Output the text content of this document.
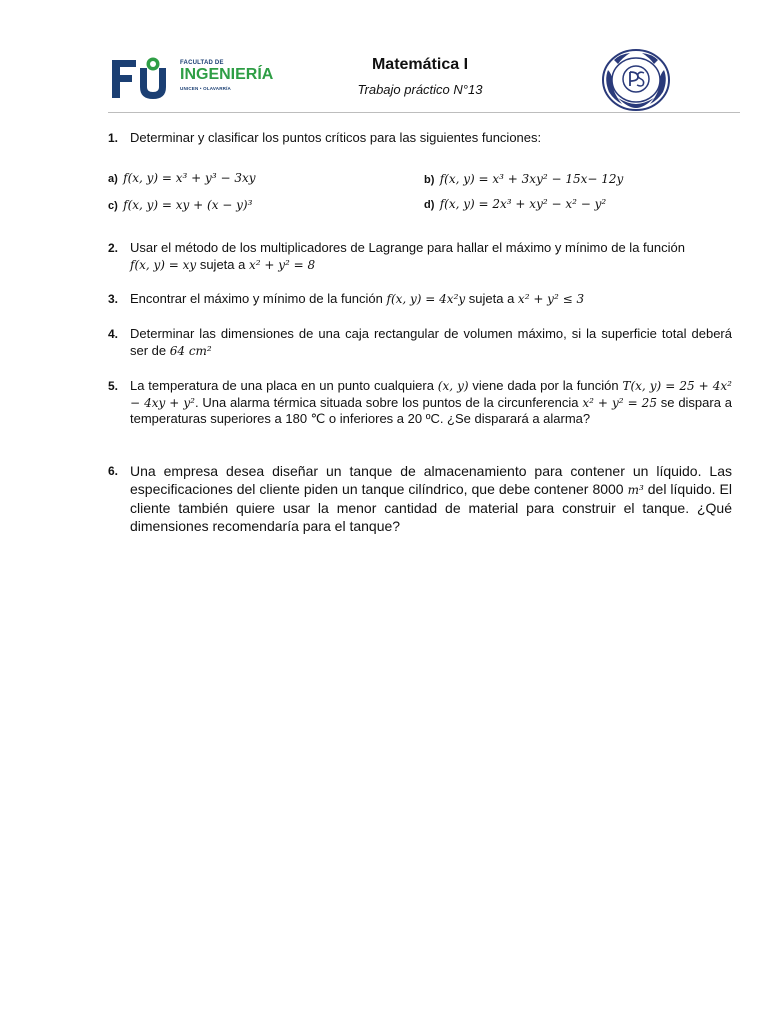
FACULTAD DE
INGENIERÍA
UNICEN • OLAVARRÍA
Matemática I
Trabajo práctico N°13
1. Determinar y clasificar los puntos críticos para las siguientes funciones:
a) f(x, y) = x³ + y³ − 3xy	b) f(x, y) = x³ + 3xy² − 15x− 12y
c) f(x, y) = xy + (x − y)³	d) f(x, y) = 2x³ + xy² − x² − y²
2. Usar el método de los multiplicadores de Lagrange para hallar el máximo y mínimo de la función
f(x, y) = xy sujeta a x² + y² = 8
3. Encontrar el máximo y mínimo de la función f(x, y) = 4x²y sujeta a x² + y² ≤ 3
4. Determinar las dimensiones de una caja rectangular de volumen máximo, si la superficie total deberá ser de 64 cm²
5. La temperatura de una placa en un punto cualquiera (x, y) viene dada por la función T(x, y) = 25 + 4x² − 4xy + y². Una alarma térmica situada sobre los puntos de la circunferencia x² + y² = 25 se dispara a temperaturas superiores a 180 ℃ o inferiores a 20 ºC. ¿Se disparará a alarma?
6. Una empresa desea diseñar un tanque de almacenamiento para contener un líquido. Las especificaciones del cliente piden un tanque cilíndrico, que debe contener 8000 m³ del líquido. El cliente también quiere usar la menor cantidad de material para construir el tanque. ¿Qué dimensiones recomendaría para el tanque?
